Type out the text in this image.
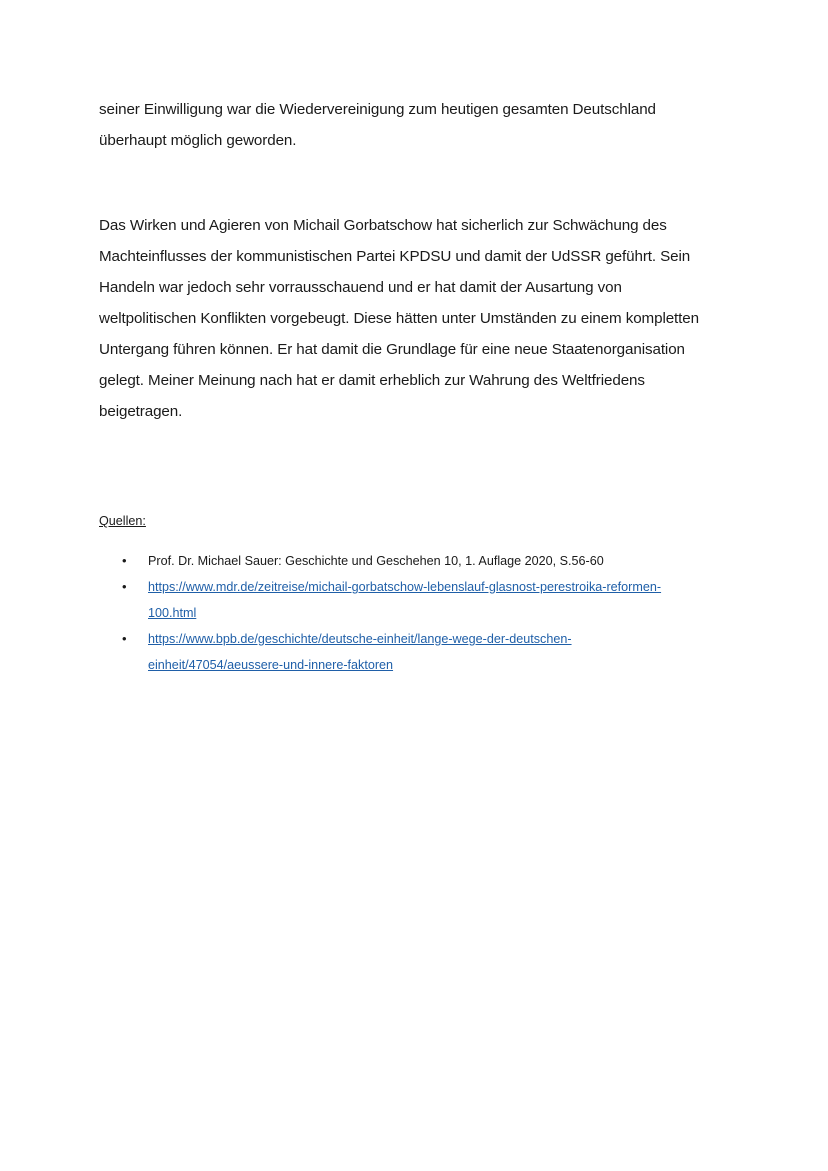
seiner Einwilligung war die Wiedervereinigung zum heutigen gesamten Deutschland
überhaupt möglich geworden.
Das Wirken und Agieren von Michail Gorbatschow hat sicherlich zur Schwächung des
Machteinflusses der kommunistischen Partei KPDSU und damit der UdSSR geführt. Sein
Handeln war jedoch sehr vorrausschauend und er hat damit der Ausartung von
weltpolitischen Konflikten vorgebeugt. Diese hätten unter Umständen zu einem kompletten
Untergang führen können. Er hat damit die Grundlage für eine neue Staatenorganisation
gelegt. Meiner Meinung nach hat er damit erheblich zur Wahrung des Weltfriedens
beigetragen.
Quellen:
• Prof. Dr. Michael Sauer: Geschichte und Geschehen 10, 1. Auflage 2020, S.56-60
• https://www.mdr.de/zeitreise/michail-gorbatschow-lebenslauf-glasnost-perestroika-reformen-
100.html
• https://www.bpb.de/geschichte/deutsche-einheit/lange-wege-der-deutschen-
einheit/47054/aeussere-und-innere-faktoren
